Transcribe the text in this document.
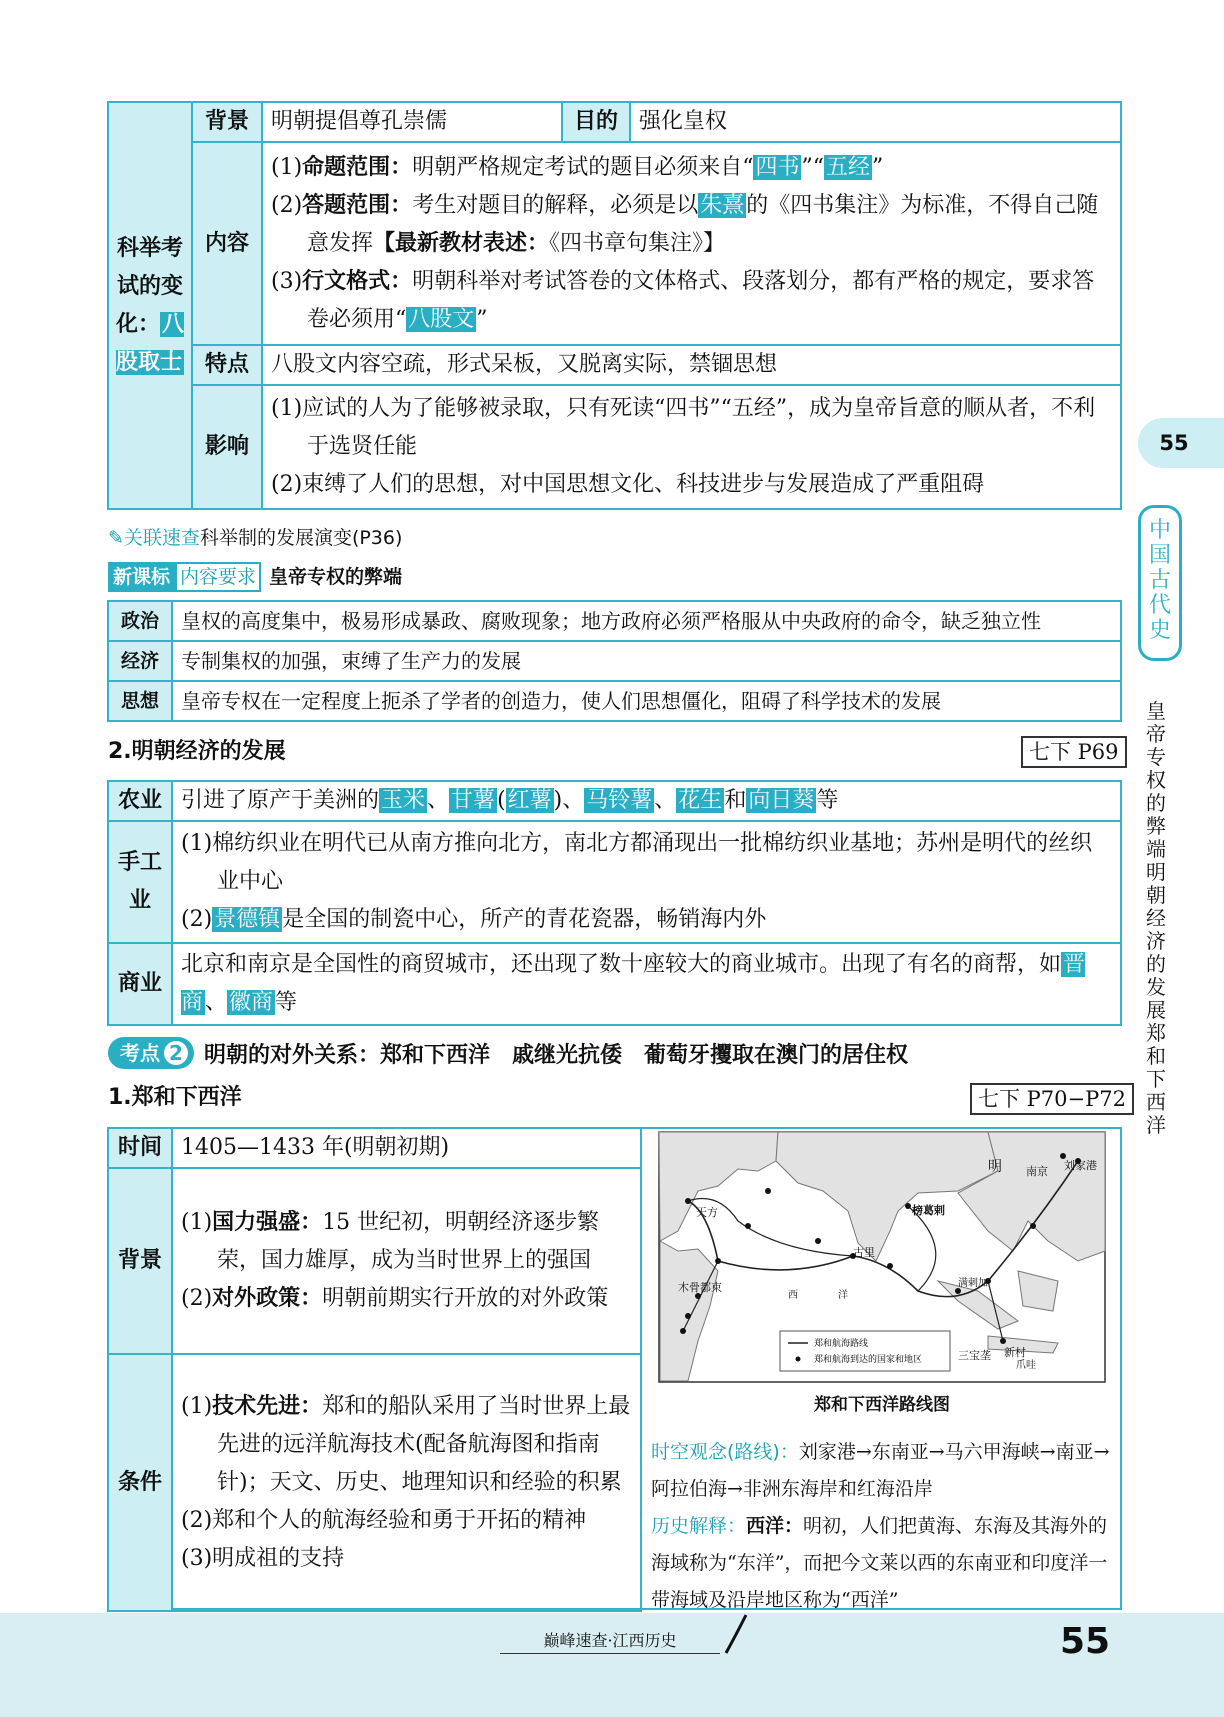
科举考试的变化：八股取士	背景	明朝提倡尊孔崇儒	目的	强化皇权
	内容	(1)命题范围：明朝严格规定考试的题目必须来自“四书”“五经”
(2)答题范围：考生对题目的解释，必须是以朱熹的《四书集注》为标准，不得自己随意发挥【最新教材表述：《四书章句集注》】
(3)行文格式：明朝科举对考试答卷的文体格式、段落划分，都有严格的规定，要求答卷必须用“八股文”		

	特点	八股文内容空疏，形式呆板，又脱离实际，禁锢思想		
	影响	(1)应试的人为了能够被录取，只有死读“四书”“五经”，成为皇帝旨意的顺从者，不利于选贤任能
(2)束缚了人们的思想，对中国思想文化、科技进步与发展造成了严重阻碍		
✎关联速查科举制的发展演变(P36)
新课标 内容要求 皇帝专权的弊端
政治	皇权的高度集中，极易形成暴政、腐败现象；地方政府必须严格服从中央政府的命令，缺乏独立性
经济	专制集权的加强，束缚了生产力的发展
思想	皇帝专权在一定程度上扼杀了学者的创造力，使人们思想僵化，阻碍了科学技术的发展
2.明朝经济的发展	七下 P69
农业	引进了原产于美洲的玉米、甘薯(红薯)、马铃薯、花生和向日葵等
手工业	(1)棉纺织业在明代已从南方推向北方，南北方都涌现出一批棉纺织业基地；苏州是明代的丝织业中心
(2)景德镇是全国的制瓷中心，所产的青花瓷器，畅销海内外

商业	北京和南京是全国性的商贸城市，还出现了数十座较大的商业城市。出现了有名的商帮，如晋商、徽商等
考点 2 明朝的对外关系：郑和下西洋　戚继光抗倭　葡萄牙攫取在澳门的居住权
1.郑和下西洋	七下 P70−P72
时间	1405—1433 年(明朝初期)
背景	(1)国力强盛：15 世纪初，明朝经济逐步繁荣，国力雄厚，成为当时世界上的强国
(2)对外政策：明朝前期实行开放的对外政策

条件	(1)技术先进：郑和的船队采用了当时世界上最先进的远洋航海技术(配备航海图和指南针)；天文、历史、地理知识和经验的积累
(2)郑和个人的航海经验和勇于开拓的精神
(3)明成祖的支持
明 南京 刘家港
榜葛剌
天方
古里
木骨都束
西	洋
满剌加
三宝垄 新村
爪哇
郑和航海路线
郑和航海到达的国家和地区
郑和下西洋路线图
时空观念(路线)：刘家港→东南亚→马六甲海峡→南亚→阿拉伯海→非洲东海岸和红海沿岸
历史解释：西洋：明初，人们把黄海、东海及其海外的海域称为“东洋”，而把今文莱以西的东南亚和印度洋一带海域及沿岸地区称为“西洋”
55
中国古代史
皇帝专权的弊端　明朝经济的发展　郑和下西洋
巅峰速查·江西历史	55
